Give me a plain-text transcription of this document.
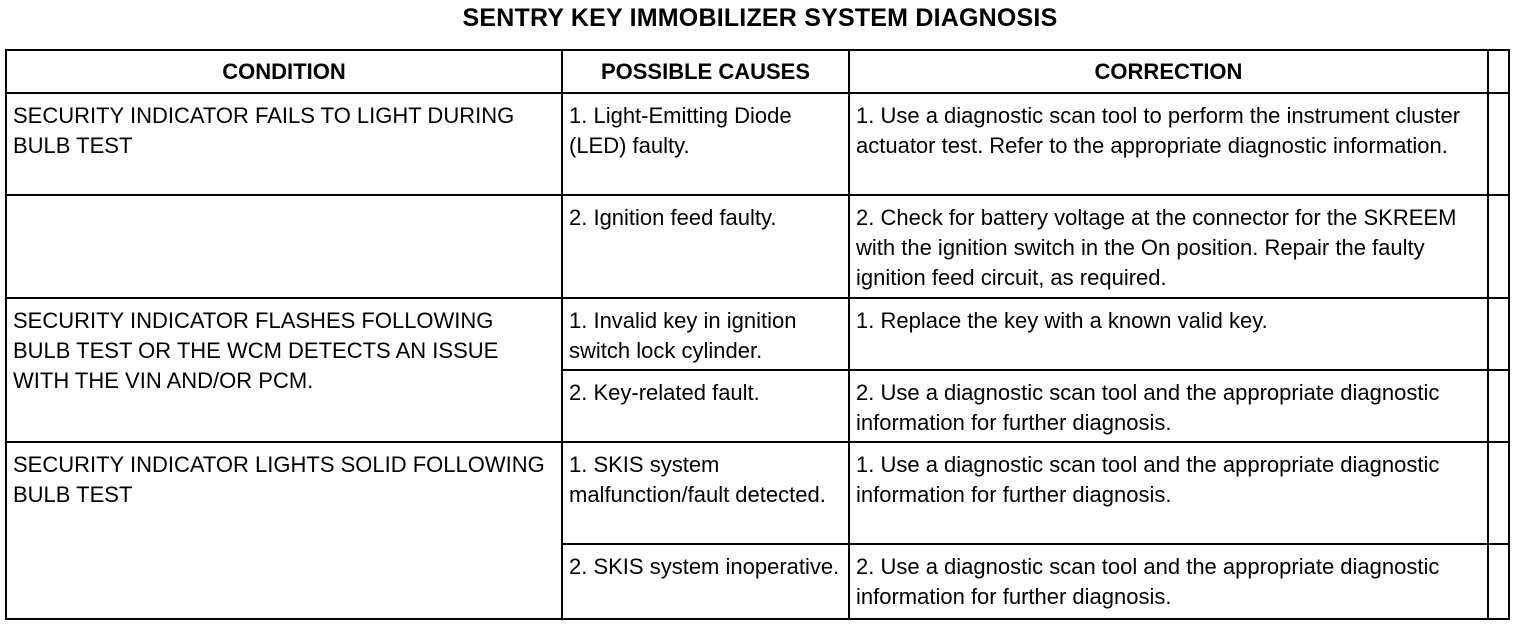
SENTRY KEY IMMOBILIZER SYSTEM DIAGNOSIS
CONDITION	POSSIBLE CAUSES	CORRECTION	
SECURITY INDICATOR FAILS TO LIGHT DURING BULB TEST	1. Light-Emitting Diode (LED) faulty.	1. Use a diagnostic scan tool to perform the instrument cluster actuator test. Refer to the appropriate diagnostic information.	
	2. Ignition feed faulty.	2. Check for battery voltage at the connector for the SKREEM with the ignition switch in the On position. Repair the faulty ignition feed circuit, as required.	
SECURITY INDICATOR FLASHES FOLLOWING BULB TEST OR THE WCM DETECTS AN ISSUE WITH THE VIN AND/OR PCM.	1. Invalid key in ignition switch lock cylinder.	1. Replace the key with a known valid key.	
	2. Key-related fault.	2. Use a diagnostic scan tool and the appropriate diagnostic information for further diagnosis.	
SECURITY INDICATOR LIGHTS SOLID FOLLOWING BULB TEST	1. SKIS system malfunction/fault detected.	1. Use a diagnostic scan tool and the appropriate diagnostic information for further diagnosis.	
	2. SKIS system inoperative.	2. Use a diagnostic scan tool and the appropriate diagnostic information for further diagnosis.	
